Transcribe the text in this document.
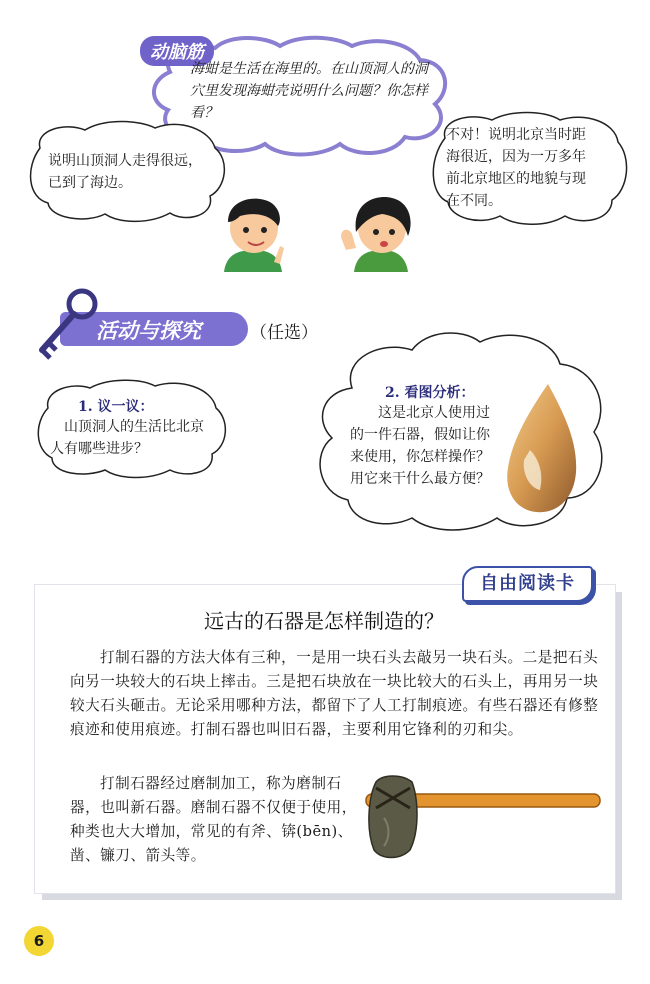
动脑筋
海蚶是生活在海里的。在山顶洞人的洞穴里发现海蚶壳说明什么问题？你怎样看？
说明山顶洞人走得很远，已到了海边。
不对！说明北京当时距海很近，因为一万多年前北京地区的地貌与现在不同。
活动与探究	（任选）
1. 议一议：
山顶洞人的生活比北京人有哪些进步？
2. 看图分析：
这是北京人使用过的一件石器，假如让你来使用，你怎样操作？用它来干什么最方便？
自由阅读卡
远古的石器是怎样制造的？
打制石器的方法大体有三种，一是用一块石头去敲另一块石头。二是把石头向另一块较大的石块上摔击。三是把石块放在一块比较大的石头上，再用另一块较大石头砸击。无论采用哪种方法，都留下了人工打制痕迹。有些石器还有修整痕迹和使用痕迹。打制石器也叫旧石器，主要利用它锋利的刃和尖。
打制石器经过磨制加工，称为磨制石器，也叫新石器。磨制石器不仅便于使用，种类也大大增加，常见的有斧、锛(bēn)、凿、镰刀、箭头等。
6
